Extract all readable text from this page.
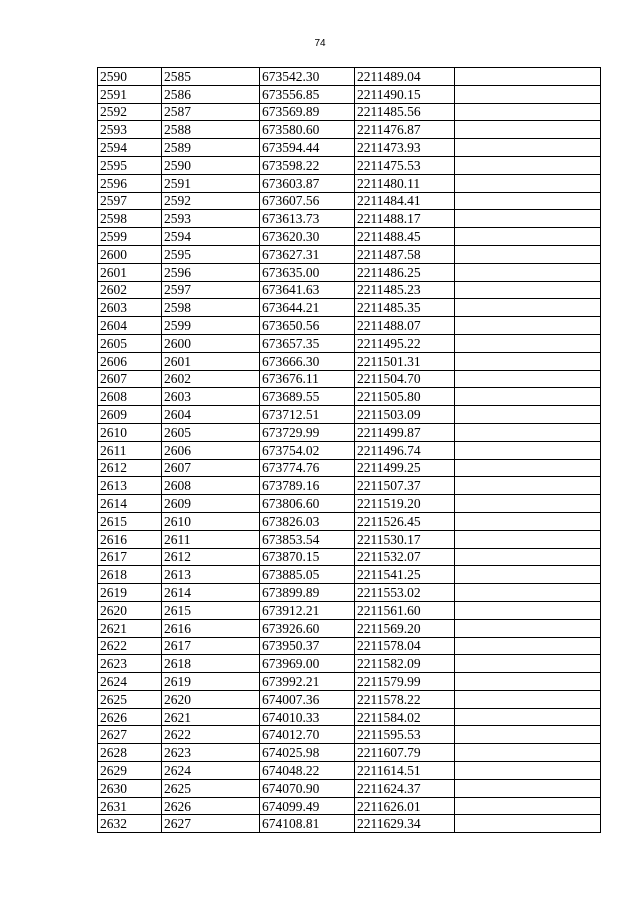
74
2590	2585	673542.30	2211489.04	
2591	2586	673556.85	2211490.15	
2592	2587	673569.89	2211485.56	
2593	2588	673580.60	2211476.87	
2594	2589	673594.44	2211473.93	
2595	2590	673598.22	2211475.53	
2596	2591	673603.87	2211480.11	
2597	2592	673607.56	2211484.41	
2598	2593	673613.73	2211488.17	
2599	2594	673620.30	2211488.45	
2600	2595	673627.31	2211487.58	
2601	2596	673635.00	2211486.25	
2602	2597	673641.63	2211485.23	
2603	2598	673644.21	2211485.35	
2604	2599	673650.56	2211488.07	
2605	2600	673657.35	2211495.22	
2606	2601	673666.30	2211501.31	
2607	2602	673676.11	2211504.70	
2608	2603	673689.55	2211505.80	
2609	2604	673712.51	2211503.09	
2610	2605	673729.99	2211499.87	
2611	2606	673754.02	2211496.74	
2612	2607	673774.76	2211499.25	
2613	2608	673789.16	2211507.37	
2614	2609	673806.60	2211519.20	
2615	2610	673826.03	2211526.45	
2616	2611	673853.54	2211530.17	
2617	2612	673870.15	2211532.07	
2618	2613	673885.05	2211541.25	
2619	2614	673899.89	2211553.02	
2620	2615	673912.21	2211561.60	
2621	2616	673926.60	2211569.20	
2622	2617	673950.37	2211578.04	
2623	2618	673969.00	2211582.09	
2624	2619	673992.21	2211579.99	
2625	2620	674007.36	2211578.22	
2626	2621	674010.33	2211584.02	
2627	2622	674012.70	2211595.53	
2628	2623	674025.98	2211607.79	
2629	2624	674048.22	2211614.51	
2630	2625	674070.90	2211624.37	
2631	2626	674099.49	2211626.01	
2632	2627	674108.81	2211629.34	
